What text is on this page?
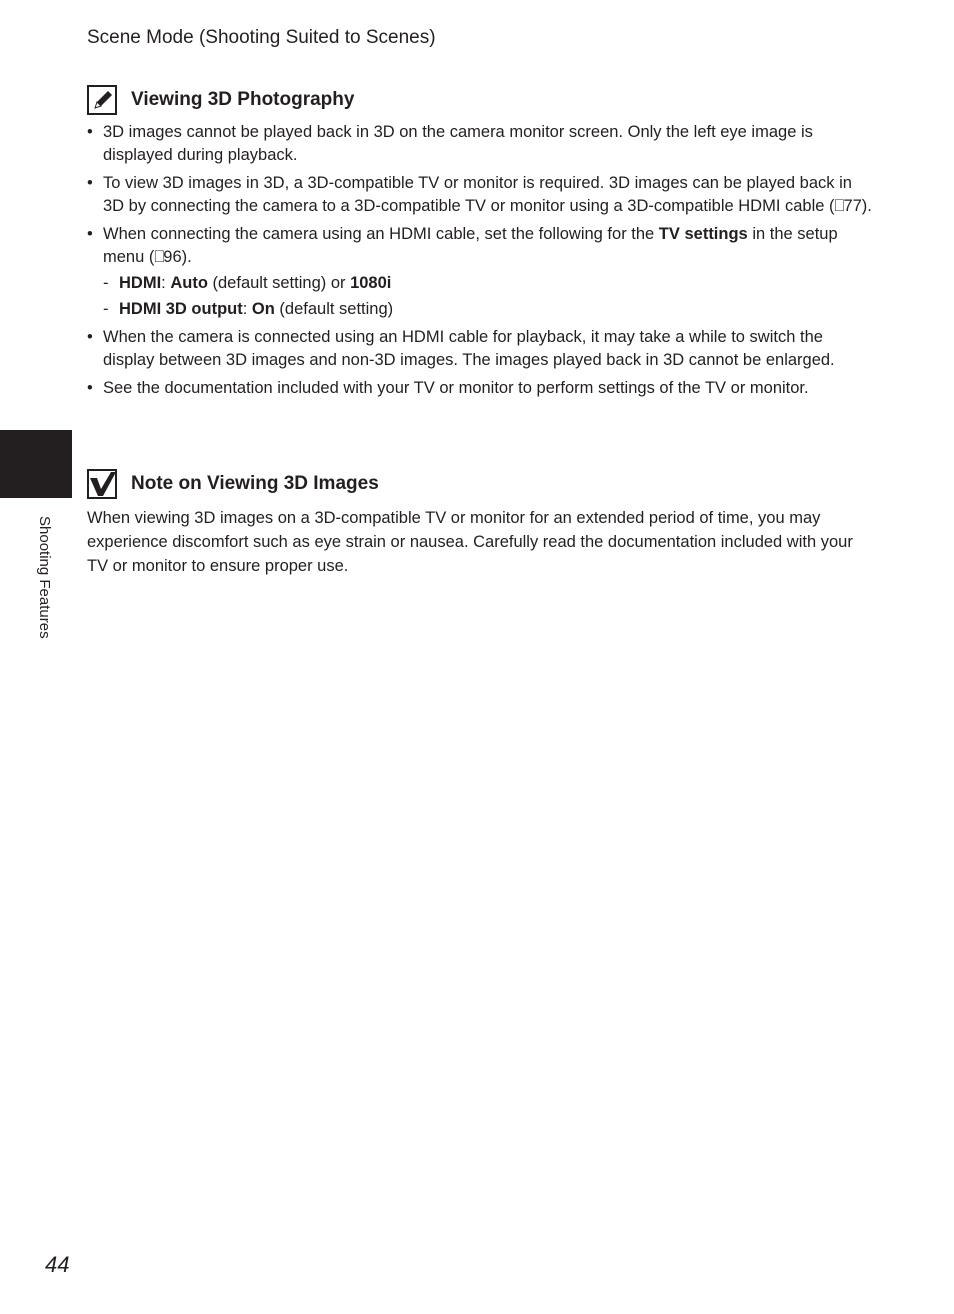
Scene Mode (Shooting Suited to Scenes)
Shooting Features
Viewing 3D Photography
• 3D images cannot be played back in 3D on the camera monitor screen. Only the left eye image is displayed during playback.
• To view 3D images in 3D, a 3D-compatible TV or monitor is required. 3D images can be played back in 3D by connecting the camera to a 3D-compatible TV or monitor using a 3D-compatible HDMI cable (⎕77).
• When connecting the camera using an HDMI cable, set the following for the TV settings in the setup menu (⎕96).
- HDMI: Auto (default setting) or 1080i
- HDMI 3D output: On (default setting)
• When the camera is connected using an HDMI cable for playback, it may take a while to switch the display between 3D images and non-3D images. The images played back in 3D cannot be enlarged.
• See the documentation included with your TV or monitor to perform settings of the TV or monitor.
Note on Viewing 3D Images
When viewing 3D images on a 3D-compatible TV or monitor for an extended period of time, you may experience discomfort such as eye strain or nausea. Carefully read the documentation included with your TV or monitor to ensure proper use.
44
